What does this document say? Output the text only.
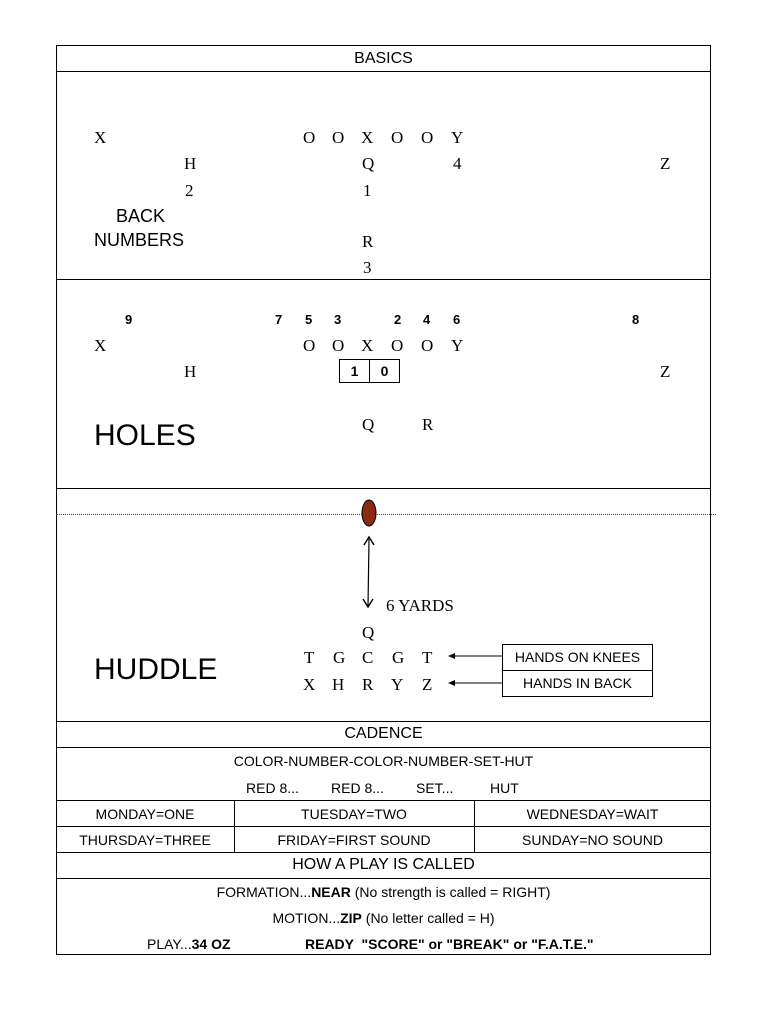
BASICS
X	O O X O O Y
H	Q	4	Z
2	1
R
3
BACK
NUMBERS
9	7 5 3	2 4 6	8
X	O O X O O Y
H	Z
1	0
Q	R
HOLES
6 YARDS
Q
T G C G T
X H R Y Z
HANDS ON KNEES
HANDS IN BACK
HUDDLE
CADENCE
COLOR-NUMBER-COLOR-NUMBER-SET-HUT
RED 8... RED 8... SET...	HUT
MONDAY=ONE	TUESDAY=TWO	WEDNESDAY=WAIT
THURSDAY=THREE	FRIDAY=FIRST SOUND	SUNDAY=NO SOUND
HOW A PLAY IS CALLED
FORMATION...NEAR (No strength is called = RIGHT)
MOTION...ZIP (No letter called = H)
PLAY...34 OZ	READY  "SCORE" or "BREAK" or "F.A.T.E."
